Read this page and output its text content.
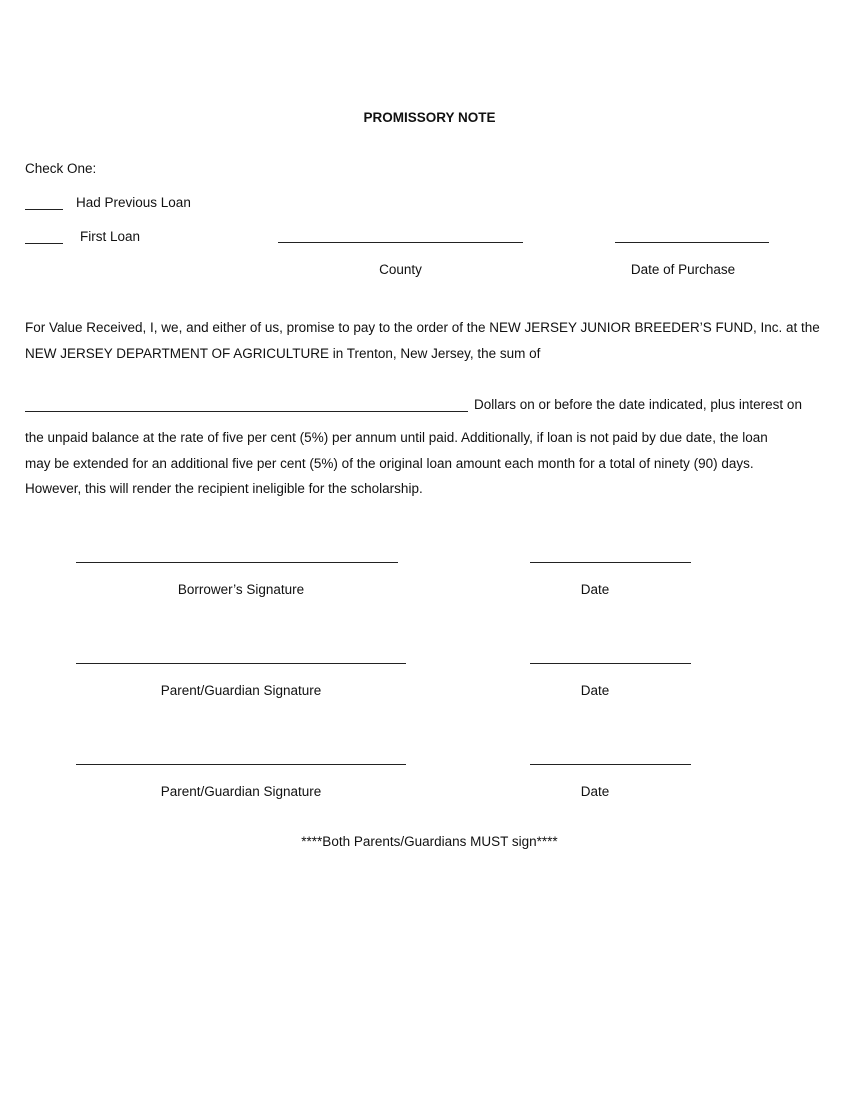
PROMISSORY NOTE
Check One:
Had Previous Loan
First Loan
County	Date of Purchase
For Value Received, I, we, and either of us, promise to pay to the order of the NEW JERSEY JUNIOR BREEDER’S FUND, Inc. at the
NEW JERSEY DEPARTMENT OF AGRICULTURE in Trenton, New Jersey, the sum of
Dollars on or before the date indicated, plus interest on
the unpaid balance at the rate of five per cent (5%) per annum until paid. Additionally, if loan is not paid by due date, the loan
may be extended for an additional five per cent (5%) of the original loan amount each month for a total of ninety (90) days.
However, this will render the recipient ineligible for the scholarship.
Borrower’s Signature	Date
Parent/Guardian Signature	Date
Parent/Guardian Signature	Date
****Both Parents/Guardians MUST sign****
